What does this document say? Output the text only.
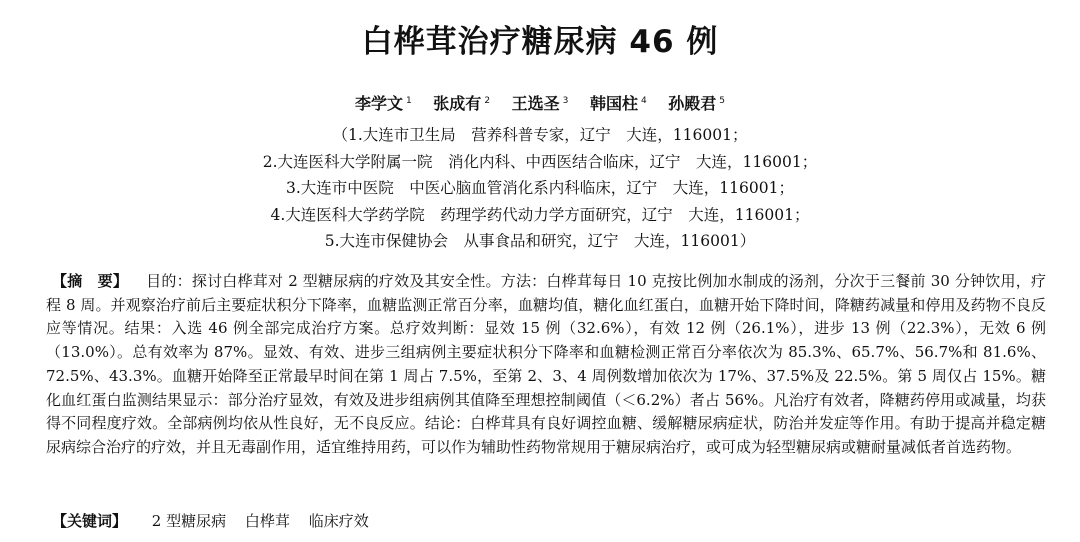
白桦茸治疗糖尿病 46 例
李学文 $^1$ 张成有 $^2$ 王选圣 $^3$ 韩国柱 $^4$ 孙殿君 $^5$
（1.大连市卫生局　营养科普专家，辽宁　大连，116001；
2.大连医科大学附属一院　消化内科、中西医结合临床，辽宁　大连，116001；
3.大连市中医院　中医心脑血管消化系内科临床，辽宁　大连，116001；
4.大连医科大学药学院　药理学药代动力学方面研究，辽宁　大连，116001；
5.大连市保健协会　从事食品和研究，辽宁　大连，116001）
【摘　要】 目的：探讨白桦茸对 2 型糖尿病的疗效及其安全性。方法：白桦茸每日 10 克按比例加水制成的汤剂，分次于三餐前 30 分钟饮用，疗程 8 周。并观察治疗前后主要症状积分下降率，血糖监测正常百分率，血糖均值，糖化血红蛋白，血糖开始下降时间，降糖药减量和停用及药物不良反应等情况。结果：入选 46 例全部完成治疗方案。总疗效判断：显效 15 例（32.6%），有效 12 例（26.1%），进步 13 例（22.3%），无效 6 例（13.0%）。总有效率为 87%。显效、有效、进步三组病例主要症状积分下降率和血糖检测正常百分率依次为 85.3%、65.7%、56.7%和 81.6%、72.5%、43.3%。血糖开始降至正常最早时间在第 1 周占 7.5%，至第 2、3、4 周例数增加依次为 17%、37.5%及 22.5%。第 5 周仅占 15%。糖化血红蛋白监测结果显示：部分治疗显效，有效及进步组病例其值降至理想控制阈值（＜6.2%）者占 56%。凡治疗有效者，降糖药停用或减量，均获得不同程度疗效。全部病例均依从性良好，无不良反应。结论：白桦茸具有良好调控血糖、缓解糖尿病症状，防治并发症等作用。有助于提高并稳定糖尿病综合治疗的疗效，并且无毒副作用，适宜维持用药，可以作为辅助性药物常规用于糖尿病治疗，或可成为轻型糖尿病或糖耐量减低者首选药物。
【关键词】 2 型糖尿病 白桦茸 临床疗效
